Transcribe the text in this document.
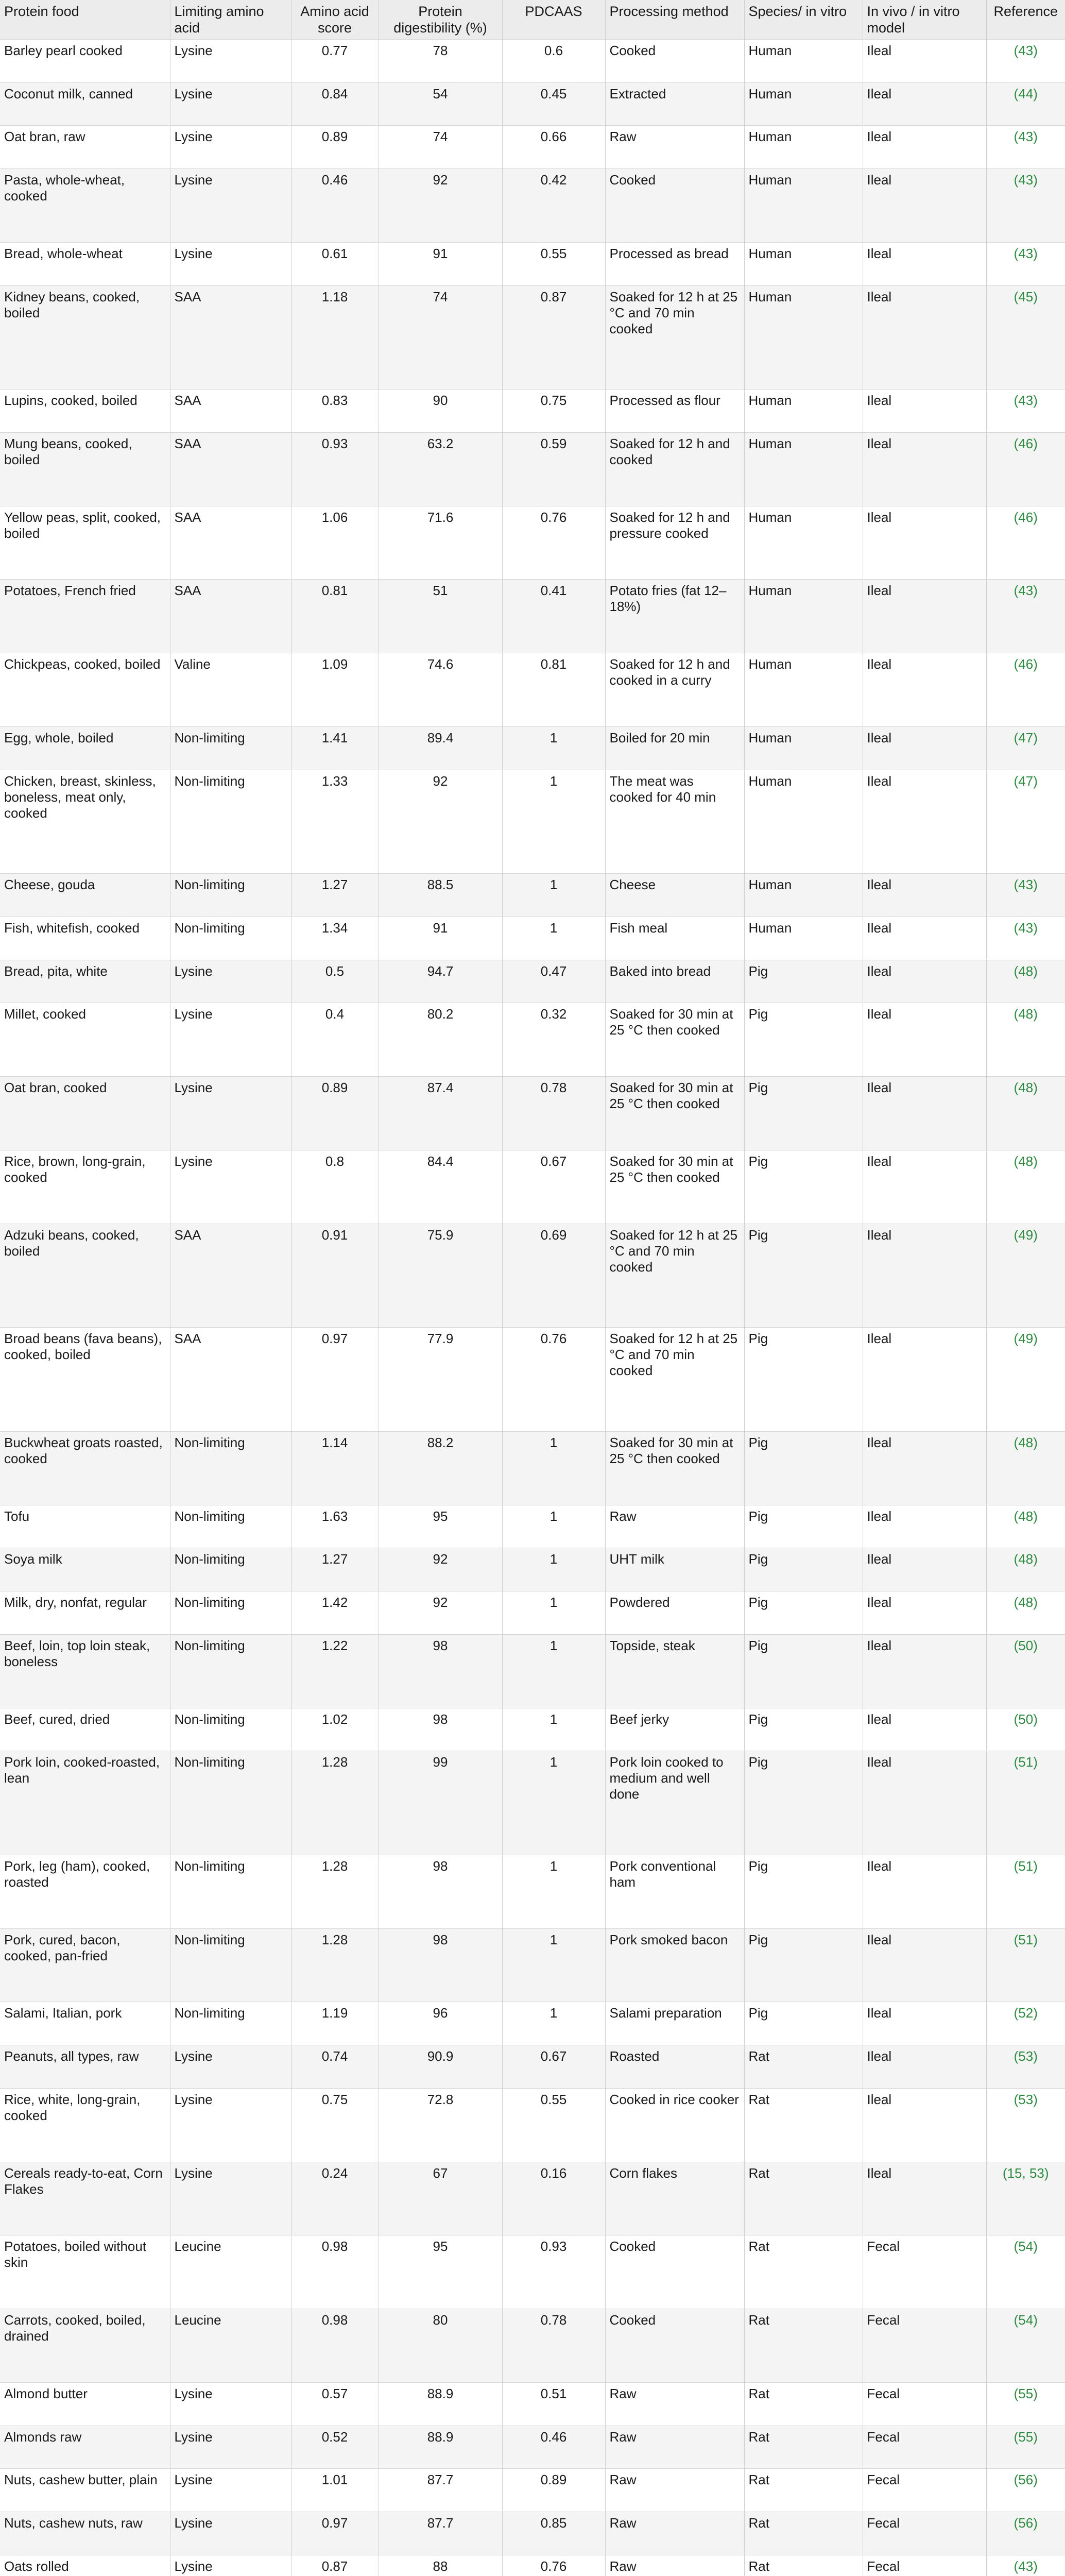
Protein food	Limiting amino acid	Amino acid score	Protein digestibility (%)	PDCAAS	Processing method	Species/ in vitro	In vivo / in vitro model	Reference
Barley pearl cooked	Lysine	0.77	78	0.6	Cooked	Human	Ileal	(43)
Coconut milk, canned	Lysine	0.84	54	0.45	Extracted	Human	Ileal	(44)
Oat bran, raw	Lysine	0.89	74	0.66	Raw	Human	Ileal	(43)
Pasta, whole-wheat, cooked	Lysine	0.46	92	0.42	Cooked	Human	Ileal	(43)
Bread, whole-wheat	Lysine	0.61	91	0.55	Processed as bread	Human	Ileal	(43)
Kidney beans, cooked, boiled	SAA	1.18	74	0.87	Soaked for 12 h at 25 °C and 70 min cooked	Human	Ileal	(45)
Lupins, cooked, boiled	SAA	0.83	90	0.75	Processed as flour	Human	Ileal	(43)
Mung beans, cooked, boiled	SAA	0.93	63.2	0.59	Soaked for 12 h and cooked	Human	Ileal	(46)
Yellow peas, split, cooked, boiled	SAA	1.06	71.6	0.76	Soaked for 12 h and pressure cooked	Human	Ileal	(46)
Potatoes, French fried	SAA	0.81	51	0.41	Potato fries (fat 12–18%)	Human	Ileal	(43)
Chickpeas, cooked, boiled	Valine	1.09	74.6	0.81	Soaked for 12 h and cooked in a curry	Human	Ileal	(46)
Egg, whole, boiled	Non-limiting	1.41	89.4	1	Boiled for 20 min	Human	Ileal	(47)
Chicken, breast, skinless, boneless, meat only, cooked	Non-limiting	1.33	92	1	The meat was cooked for 40 min	Human	Ileal	(47)
Cheese, gouda	Non-limiting	1.27	88.5	1	Cheese	Human	Ileal	(43)
Fish, whitefish, cooked	Non-limiting	1.34	91	1	Fish meal	Human	Ileal	(43)
Bread, pita, white	Lysine	0.5	94.7	0.47	Baked into bread	Pig	Ileal	(48)
Millet, cooked	Lysine	0.4	80.2	0.32	Soaked for 30 min at 25 °C then cooked	Pig	Ileal	(48)
Oat bran, cooked	Lysine	0.89	87.4	0.78	Soaked for 30 min at 25 °C then cooked	Pig	Ileal	(48)
Rice, brown, long-grain, cooked	Lysine	0.8	84.4	0.67	Soaked for 30 min at 25 °C then cooked	Pig	Ileal	(48)
Adzuki beans, cooked, boiled	SAA	0.91	75.9	0.69	Soaked for 12 h at 25 °C and 70 min cooked	Pig	Ileal	(49)
Broad beans (fava beans), cooked, boiled	SAA	0.97	77.9	0.76	Soaked for 12 h at 25 °C and 70 min cooked	Pig	Ileal	(49)
Buckwheat groats roasted, cooked	Non-limiting	1.14	88.2	1	Soaked for 30 min at 25 °C then cooked	Pig	Ileal	(48)
Tofu	Non-limiting	1.63	95	1	Raw	Pig	Ileal	(48)
Soya milk	Non-limiting	1.27	92	1	UHT milk	Pig	Ileal	(48)
Milk, dry, nonfat, regular	Non-limiting	1.42	92	1	Powdered	Pig	Ileal	(48)
Beef, loin, top loin steak, boneless	Non-limiting	1.22	98	1	Topside, steak	Pig	Ileal	(50)
Beef, cured, dried	Non-limiting	1.02	98	1	Beef jerky	Pig	Ileal	(50)
Pork loin, cooked-roasted, lean	Non-limiting	1.28	99	1	Pork loin cooked to medium and well done	Pig	Ileal	(51)
Pork, leg (ham), cooked, roasted	Non-limiting	1.28	98	1	Pork conventional ham	Pig	Ileal	(51)
Pork, cured, bacon, cooked, pan-fried	Non-limiting	1.28	98	1	Pork smoked bacon	Pig	Ileal	(51)
Salami, Italian, pork	Non-limiting	1.19	96	1	Salami preparation	Pig	Ileal	(52)
Peanuts, all types, raw	Lysine	0.74	90.9	0.67	Roasted	Rat	Ileal	(53)
Rice, white, long-grain, cooked	Lysine	0.75	72.8	0.55	Cooked in rice cooker	Rat	Ileal	(53)
Cereals ready-to-eat, Corn Flakes	Lysine	0.24	67	0.16	Corn flakes	Rat	Ileal	(15, 53)
Potatoes, boiled without skin	Leucine	0.98	95	0.93	Cooked	Rat	Fecal	(54)
Carrots, cooked, boiled, drained	Leucine	0.98	80	0.78	Cooked	Rat	Fecal	(54)
Almond butter	Lysine	0.57	88.9	0.51	Raw	Rat	Fecal	(55)
Almonds raw	Lysine	0.52	88.9	0.46	Raw	Rat	Fecal	(55)
Nuts, cashew butter, plain	Lysine	1.01	87.7	0.89	Raw	Rat	Fecal	(56)
Nuts, cashew nuts, raw	Lysine	0.97	87.7	0.85	Raw	Rat	Fecal	(56)
Oats rolled	Lysine	0.87	88	0.76	Raw	Rat	Fecal	(43)
